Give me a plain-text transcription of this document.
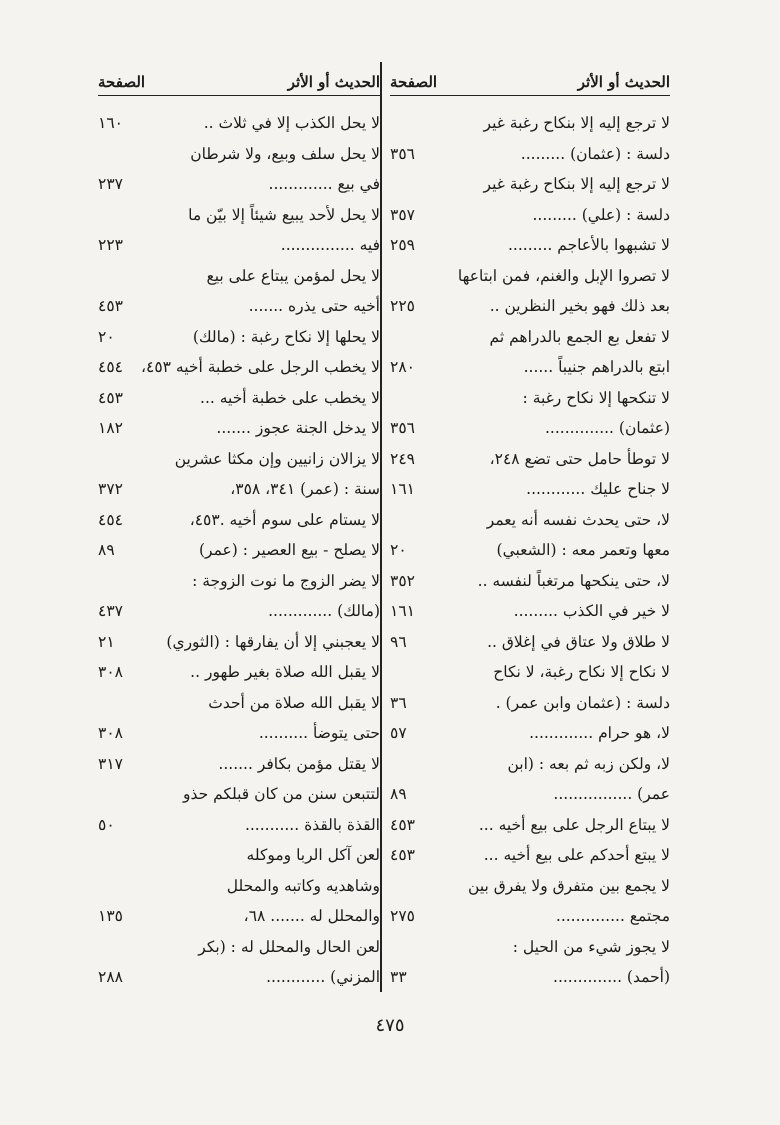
الحديث أو الأثر
الصفحة
لا ترجع إليه إلا بنكاح رغبة غير
دلسة : (عثمان) .........
٣٥٦
لا ترجع إليه إلا بنكاح رغبة غير
دلسة : (علي) .........
٣٥٧
لا تشبهوا بالأعاجم .........
٢٥٩
لا تصروا الإبل والغنم، فمن ابتاعها
بعد ذلك فهو بخير النظرين ..
٢٢٥
لا تفعل بع الجمع بالدراهم ثم
ابتع بالدراهم جنيباً ......
٢٨٠
لا تنكحها إلا نكاح رغبة :
(عثمان) ..............
٣٥٦
لا توطأ حامل حتى تضع ٢٤٨،
٢٤٩
لا جناح عليك ............
١٦١
لا، حتى يحدث نفسه أنه يعمر
معها وتعمر معه : (الشعبي)
٢٠
لا، حتى ينكحها مرتغباً لنفسه ..
٣٥٢
لا خير في الكذب .........
١٦١
لا طلاق ولا عتاق في إغلاق ..
٩٦
لا نكاح إلا نكاح رغبة، لا نكاح
دلسة : (عثمان وابن عمر) .
٣٦
لا، هو حرام .............
٥٧
لا، ولكن زبه ثم بعه : (ابن
عمر) ................
٨٩
لا يبتاع الرجل على بيع أخيه ...
٤٥٣
لا يبتع أحدكم على بيع أخيه ...
٤٥٣
لا يجمع بين متفرق ولا يفرق بين
مجتمع ..............
٢٧٥
لا يجوز شيء من الحيل :
(أحمد) ..............
٣٣
الحديث أو الأثر
الصفحة
لا يحل الكذب إلا في ثلاث ..
١٦٠
لا يحل سلف وبيع، ولا شرطان
في بيع .............
٢٣٧
لا يحل لأحد يبيع شيئاً إلا بيّن ما
فيه ...............
٢٢٣
لا يحل لمؤمن يبتاع على بيع
أخيه حتى يذره .......
٤٥٣
لا يحلها إلا نكاح رغبة : (مالك)
٢٠
لا يخطب الرجل على خطبة أخيه ٤٥٣،
٤٥٤
لا يخطب على خطبة أخيه ...
٤٥٣
لا يدخل الجنة عجوز .......
١٨٢
لا يزالان زانيين وإن مكثا عشرين
سنة : (عمر) ٣٤١، ٣٥٨،
٣٧٢
لا يستام على سوم أخيه .٤٥٣،
٤٥٤
لا يصلح - بيع العصير : (عمر)
٨٩
لا يضر الزوج ما نوت الزوجة :
(مالك) .............
٤٣٧
لا يعجبني إلا أن يفارقها : (الثوري)
٢١
لا يقبل الله صلاة بغير طهور ..
٣٠٨
لا يقبل الله صلاة من أحدث
حتى يتوضأ ..........
٣٠٨
لا يقتل مؤمن بكافر .......
٣١٧
لتتبعن سنن من كان قبلكم حذو
القذة بالقذة ...........
٥٠
لعن آكل الربا وموكله
وشاهديه وكاتبه والمحلل
والمحلل له ....... ٦٨،
١٣٥
لعن الحال والمحلل له : (بكر
المزني) ............
٢٨٨
٤٧٥
